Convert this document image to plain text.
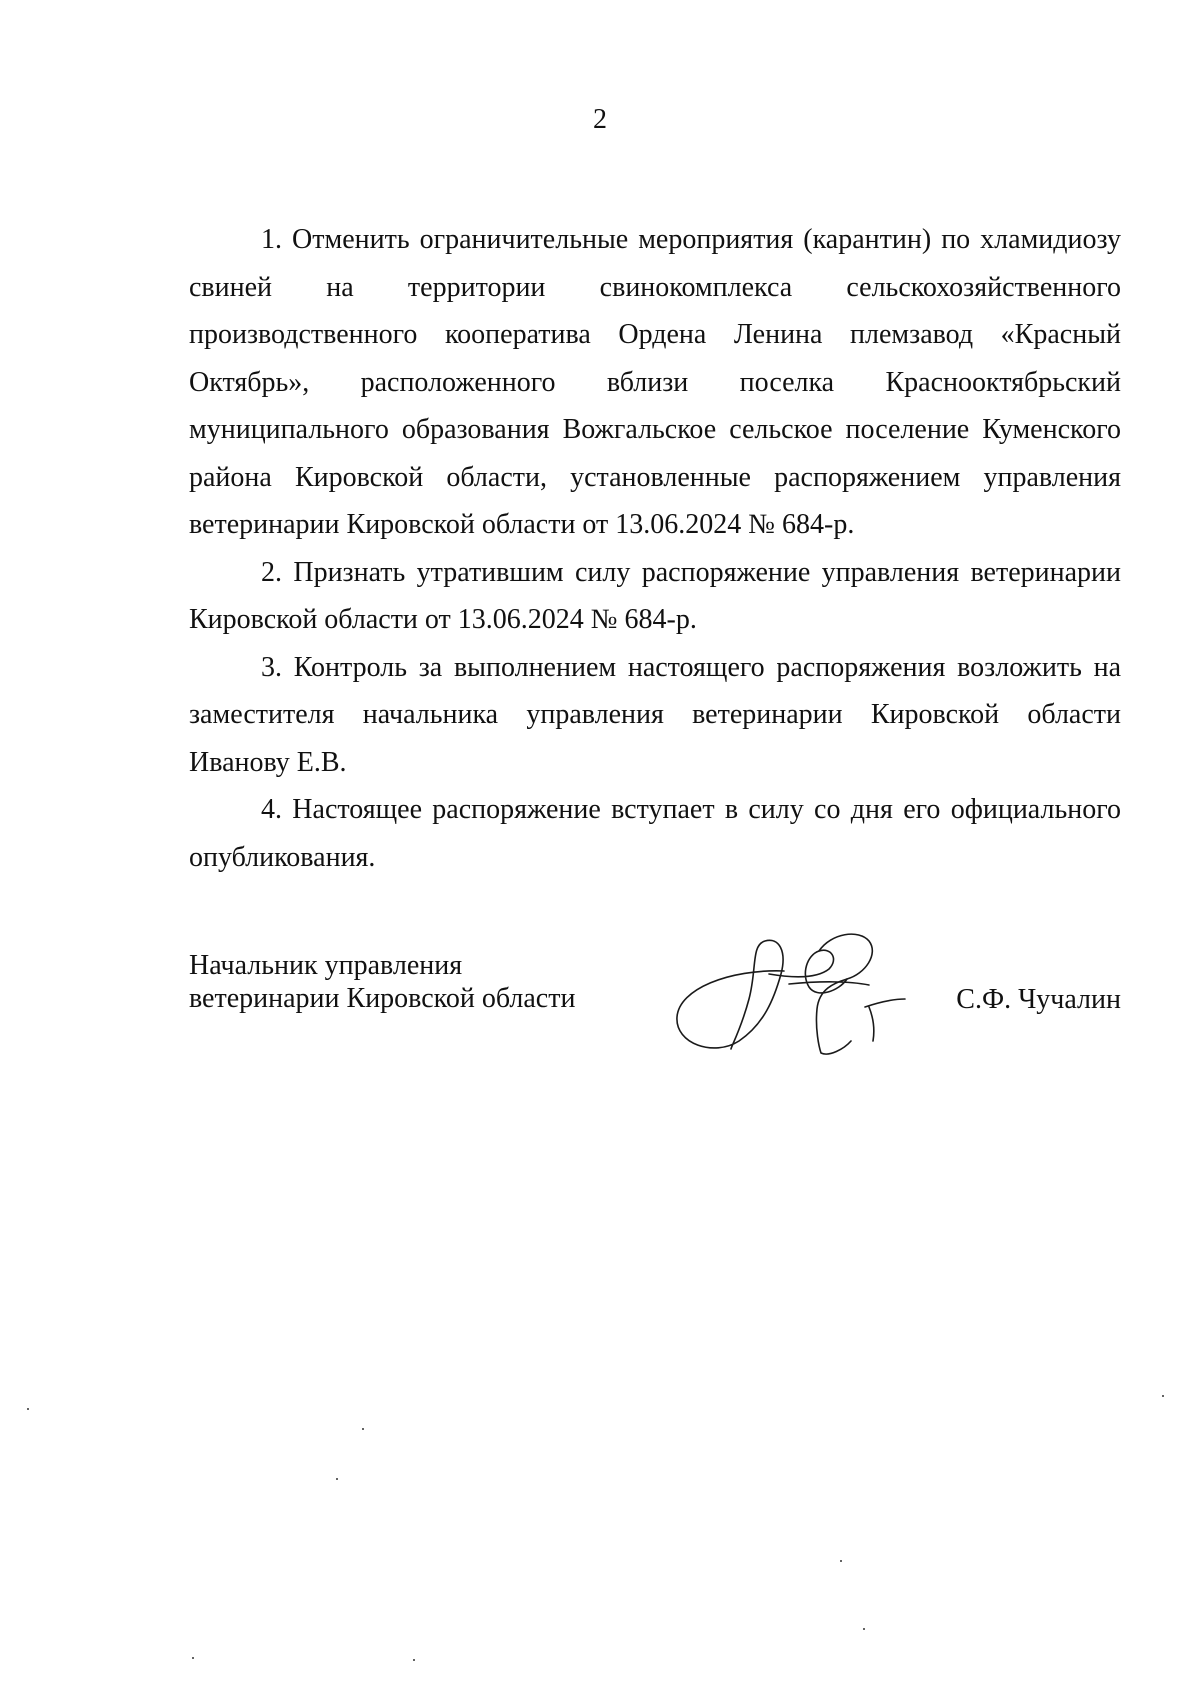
2

1. Отменить ограничительные мероприятия (карантин) по хламидиозу свиней на территории свинокомплекса сельскохозяйственного производственного кооператива Ордена Ленина племзавод «Красный Октябрь», расположенного вблизи поселка Краснооктябрьский муниципального образования Вожгальское сельское поселение Куменского района Кировской области, установленные распоряжением управления ветеринарии Кировской области от 13.06.2024 № 684-р.

2. Признать утратившим силу распоряжение управления ветеринарии Кировской области от 13.06.2024 № 684-р.

3. Контроль за выполнением настоящего распоряжения возложить на заместителя начальника управления ветеринарии Кировской области Иванову Е.В.

4. Настоящее распоряжение вступает в силу со дня его официального опубликования.

Начальник управления
ветеринарии Кировской области	С.Ф. Чучалин
